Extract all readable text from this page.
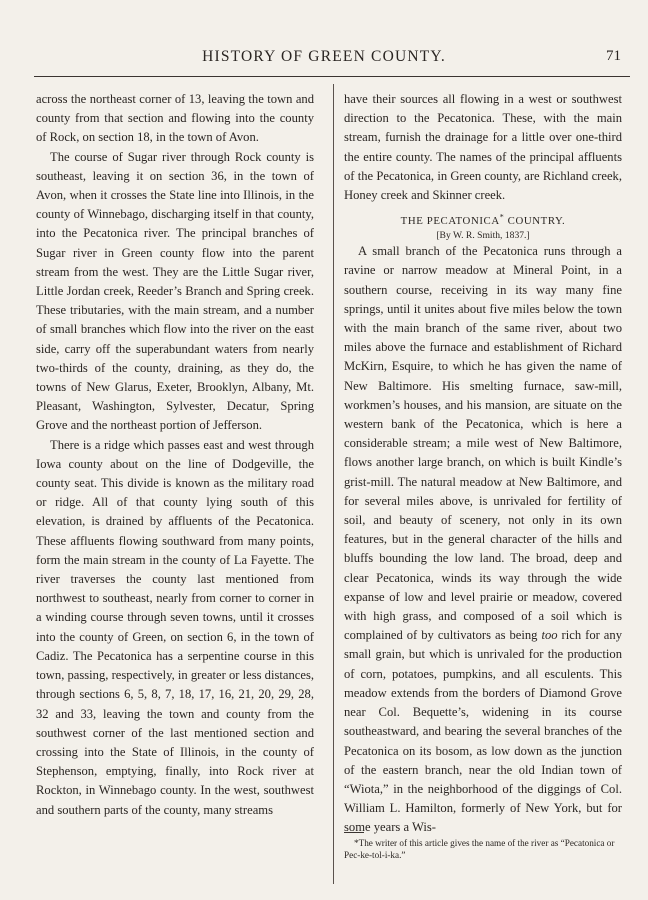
HISTORY OF GREEN COUNTY.	71

across the northeast corner of 13, leaving the town and county from that section and flowing into the county of Rock, on section 18, in the town of Avon.

The course of Sugar river through Rock county is southeast, leaving it on section 36, in the town of Avon, when it crosses the State line into Illinois, in the county of Winnebago, discharging itself in that county, into the Pecatonica river. The principal branches of Sugar river in Green county flow into the parent stream from the west. They are the Little Sugar river, Little Jordan creek, Reeder’s Branch and Spring creek. These tributaries, with the main stream, and a number of small branches which flow into the river on the east side, carry off the superabundant waters from nearly two-thirds of the county, draining, as they do, the towns of New Glarus, Exeter, Brooklyn, Albany, Mt. Pleasant, Washington, Sylvester, Decatur, Spring Grove and the northeast portion of Jefferson.

There is a ridge which passes east and west through Iowa county about on the line of Dodgeville, the county seat. This divide is known as the military road or ridge. All of that county lying south of this elevation, is drained by affluents of the Pecatonica. These affluents flowing southward from many points, form the main stream in the county of La Fayette. The river traverses the county last mentioned from northwest to southeast, nearly from corner to corner in a winding course through seven towns, until it crosses into the county of Green, on section 6, in the town of Cadiz. The Pecatonica has a serpentine course in this town, passing, respectively, in greater or less distances, through sections 6, 5, 8, 7, 18, 17, 16, 21, 20, 29, 28, 32 and 33, leaving the town and county from the southwest corner of the last mentioned section and crossing into the State of Illinois, in the county of Stephenson, emptying, finally, into Rock river at Rockton, in Winnebago county. In the west, southwest and southern parts of the county, many streams

have their sources all flowing in a west or southwest direction to the Pecatonica. These, with the main stream, furnish the drainage for a little over one-third the entire county. The names of the principal affluents of the Pecatonica, in Green county, are Richland creek, Honey creek and Skinner creek.

THE PECATONICA* COUNTRY.
[By W. R. Smith, 1837.]

A small branch of the Pecatonica runs through a ravine or narrow meadow at Mineral Point, in a southern course, receiving in its way many fine springs, until it unites about five miles below the town with the main branch of the same river, about two miles above the furnace and establishment of Richard McKirn, Esquire, to which he has given the name of New Baltimore. His smelting furnace, saw-mill, workmen’s houses, and his mansion, are situate on the western bank of the Pecatonica, which is here a considerable stream; a mile west of New Baltimore, flows another large branch, on which is built Kindle’s grist-mill. The natural meadow at New Baltimore, and for several miles above, is unrivaled for fertility of soil, and beauty of scenery, not only in its own features, but in the general character of the hills and bluffs bounding the low land. The broad, deep and clear Pecatonica, winds its way through the wide expanse of low and level prairie or meadow, covered with high grass, and composed of a soil which is complained of by cultivators as being too rich for any small grain, but which is unrivaled for the production of corn, potatoes, pumpkins, and all esculents. This meadow extends from the borders of Diamond Grove near Col. Bequette’s, widening in its course southeastward, and bearing the several branches of the Pecatonica on its bosom, as low down as the junction of the eastern branch, near the old Indian town of “Wiota,” in the neighborhood of the diggings of Col. William L. Hamilton, formerly of New York, but for some years a Wis-

*The writer of this article gives the name of the river as “Pecatonica or Pec-ke-tol-i-ka.”
